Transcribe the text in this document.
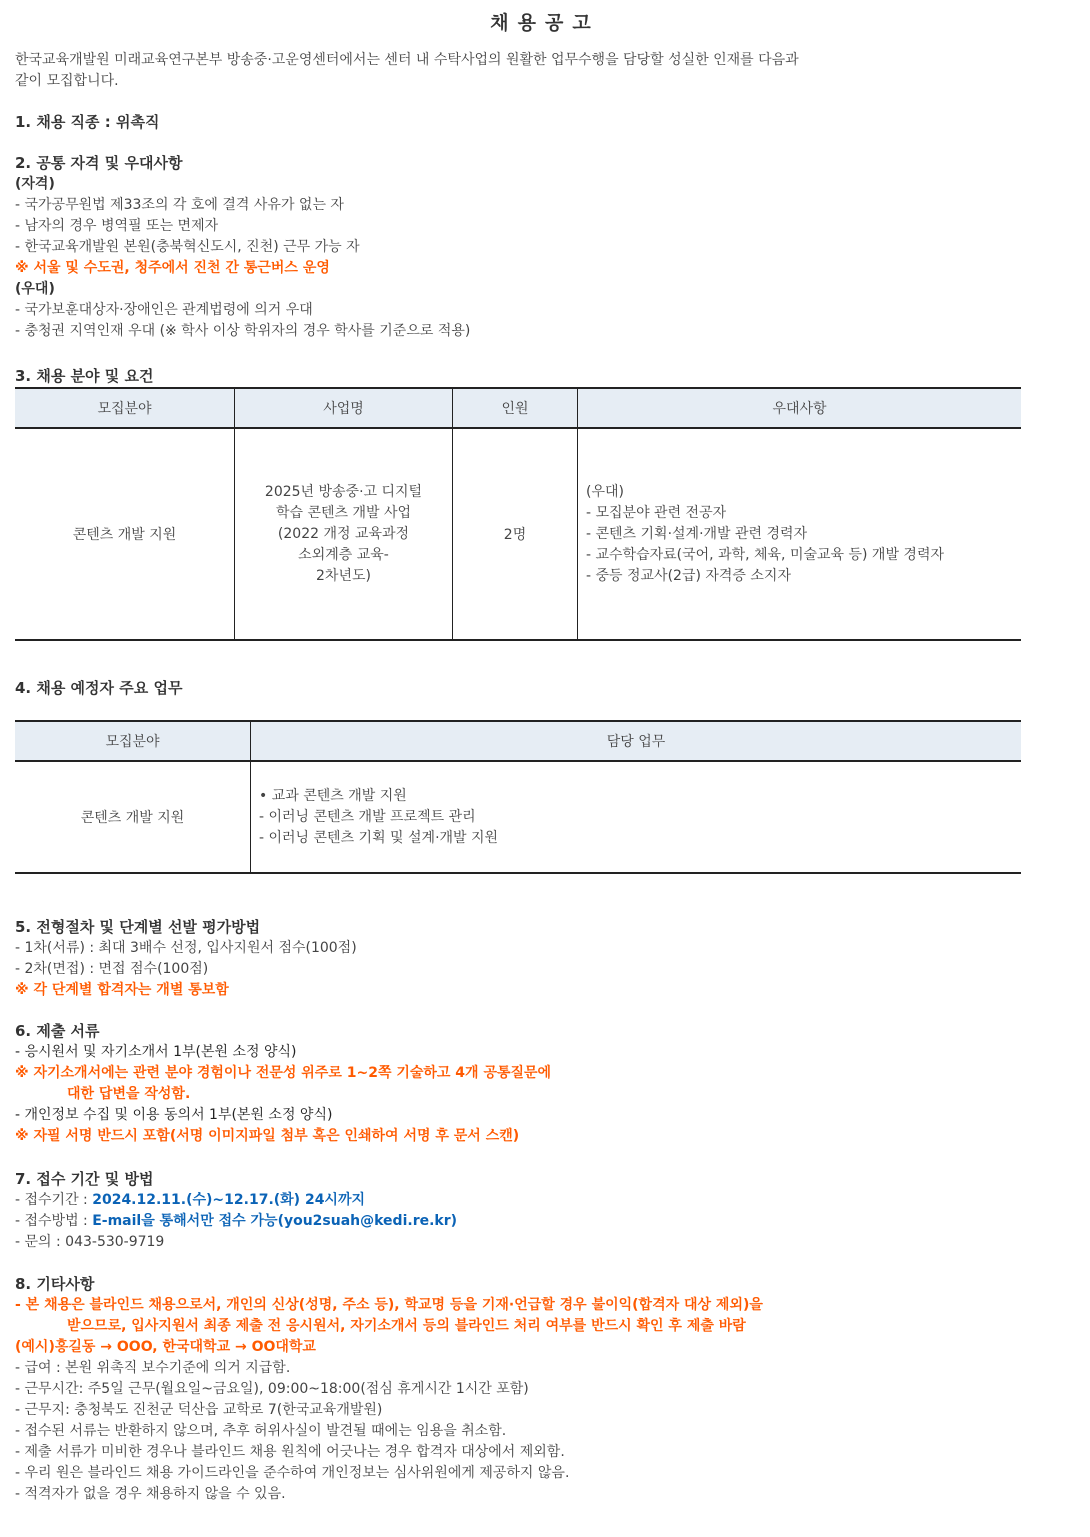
채용공고
한국교육개발원 미래교육연구본부 방송중·고운영센터에서는 센터 내 수탁사업의 원활한 업무수행을 담당할 성실한 인재를 다음과
같이 모집합니다.
1. 채용 직종 : 위촉직
2. 공통 자격 및 우대사항
(자격)
- 국가공무원법 제33조의 각 호에 결격 사유가 없는 자
- 남자의 경우 병역필 또는 면제자
- 한국교육개발원 본원(충북혁신도시, 진천) 근무 가능 자
※ 서울 및 수도권, 청주에서 진천 간 통근버스 운영
(우대)
- 국가보훈대상자·장애인은 관계법령에 의거 우대
- 충청권 지역인재 우대 (※ 학사 이상 학위자의 경우 학사를 기준으로 적용)
3. 채용 분야 및 요건
모집분야	사업명	인원	우대사항
콘텐츠 개발 지원	2025년 방송중·고 디지털
학습 콘텐츠 개발 사업
(2022 개정 교육과정
소외계층 교육-
2차년도)	2명	(우대)
- 모집분야 관련 전공자
- 콘텐츠 기획·설계·개발 관련 경력자
- 교수학습자료(국어, 과학, 체육, 미술교육 등) 개발 경력자
- 중등 정교사(2급) 자격증 소지자
4. 채용 예정자 주요 업무
모집분야	담당 업무
콘텐츠 개발 지원	• 교과 콘텐츠 개발 지원
- 이러닝 콘텐츠 개발 프로젝트 관리
- 이러닝 콘텐츠 기획 및 설계·개발 지원
5. 전형절차 및 단계별 선발 평가방법
- 1차(서류) : 최대 3배수 선정, 입사지원서 점수(100점)
- 2차(면접) : 면접 점수(100점)
※ 각 단계별 합격자는 개별 통보함
6. 제출 서류
- 응시원서 및 자기소개서 1부(본원 소정 양식)
※ 자기소개서에는 관련 분야 경험이나 전문성 위주로 1~2쪽 기술하고 4개 공통질문에
대한 답변을 작성함.
- 개인정보 수집 및 이용 동의서 1부(본원 소정 양식)
※ 자필 서명 반드시 포함(서명 이미지파일 첨부 혹은 인쇄하여 서명 후 문서 스캔)
7. 접수 기간 및 방법
- 접수기간 : 2024.12.11.(수)~12.17.(화) 24시까지
- 접수방법 : E-mail을 통해서만 접수 가능(you2suah@kedi.re.kr)
- 문의 : 043-530-9719
8. 기타사항
- 본 채용은 블라인드 채용으로서, 개인의 신상(성명, 주소 등), 학교명 등을 기재·언급할 경우 불이익(합격자 대상 제외)을
받으므로, 입사지원서 최종 제출 전 응시원서, 자기소개서 등의 블라인드 처리 여부를 반드시 확인 후 제출 바람
(예시)홍길동 → OOO, 한국대학교 → OO대학교
- 급여 : 본원 위촉직 보수기준에 의거 지급함.
- 근무시간: 주5일 근무(월요일~금요일), 09:00~18:00(점심 휴게시간 1시간 포함)
- 근무지: 충청북도 진천군 덕산읍 교학로 7(한국교육개발원)
- 접수된 서류는 반환하지 않으며, 추후 허위사실이 발견될 때에는 임용을 취소함.
- 제출 서류가 미비한 경우나 블라인드 채용 원칙에 어긋나는 경우 합격자 대상에서 제외함.
- 우리 원은 블라인드 채용 가이드라인을 준수하여 개인정보는 심사위원에게 제공하지 않음.
- 적격자가 없을 경우 채용하지 않을 수 있음.
